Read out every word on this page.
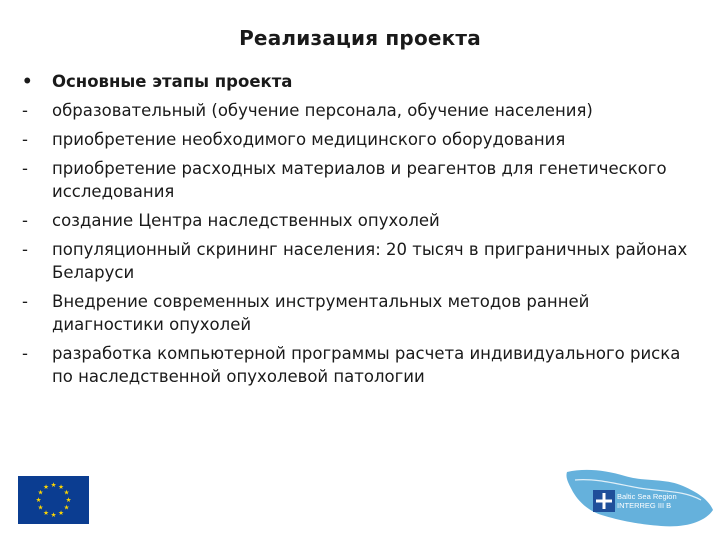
Реализация проекта
•	Основные этапы проекта
-	образовательный (обучение персонала, обучение населения)
-	приобретение необходимого медицинского оборудования
-	приобретение расходных материалов и реагентов для генетического исследования
-	создание Центра наследственных опухолей
-	популяционный скрининг населения: 20 тысяч в приграничных районах Беларуси
-	Внедрение современных инструментальных методов ранней диагностики опухолей
-	разработка компьютерной программы расчета индивидуального риска по наследственной опухолевой патологии
★ ★
★
★
★
★
★
★
★
★
★
★
Baltic Sea Region
INTERREG III B
